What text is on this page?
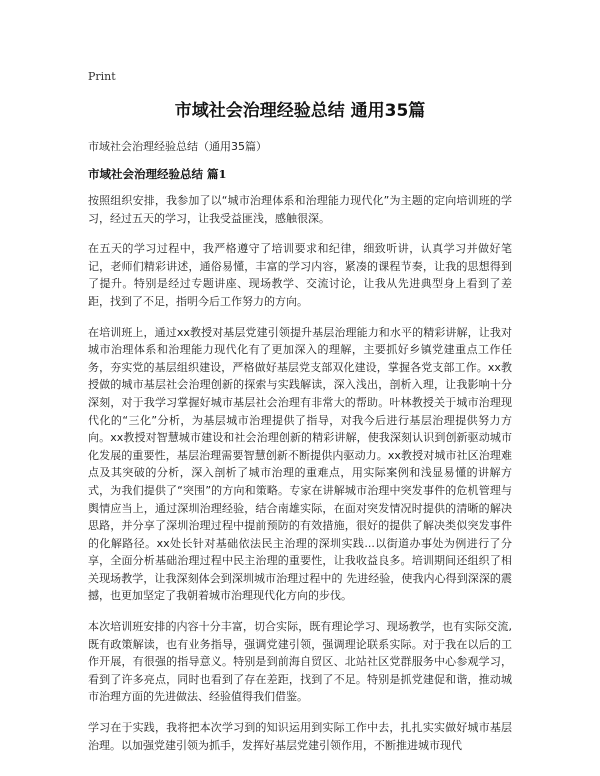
Print
市域社会治理经验总结 通用35篇
市域社会治理经验总结（通用35篇）
市域社会治理经验总结 篇1

按照组织安排，我参加了以“城市治理体系和治理能力现代化”为主题的定向培训班的学习，经过五天的学习，让我受益匪浅，感触很深。

在五天的学习过程中，我严格遵守了培训要求和纪律，细致听讲，认真学习并做好笔记，老师们精彩讲述，通俗易懂，丰富的学习内容，紧凑的课程节奏，让我的思想得到了提升。特别是经过专题讲座、现场教学、交流讨论，让我从先进典型身上看到了差距，找到了不足，指明今后工作努力的方向。

在培训班上，通过xx教授对基层党建引领提升基层治理能力和水平的精彩讲解，让我对城市治理体系和治理能力现代化有了更加深入的理解，主要抓好乡镇党建重点工作任务，夯实党的基层组织建设，严格做好基层党支部双化建设，掌握各党支部工作。xx教授做的城市基层社会治理创新的探索与实践解读，深入浅出，剖析入理，让我影响十分深刻，对于我学习掌握好城市基层社会治理有非常大的帮助。叶林教授关于城市治理现代化的“三化”分析，为基层城市治理提供了指导，对我今后进行基层治理提供努力方向。xx教授对智慧城市建设和社会治理创新的精彩讲解，使我深刻认识到创新驱动城市化发展的重要性，基层治理需要智慧创新不断提供内驱动力。xx教授对城市社区治理难点及其突破的分析，深入剖析了城市治理的重难点，用实际案例和浅显易懂的讲解方式，为我们提供了“突围”的方向和策略。专家在讲解城市治理中突发事件的危机管理与舆情应当上，通过深圳治理经验，结合南雄实际，在面对突发情况时提供的清晰的解决思路，并分享了深圳治理过程中提前预防的有效措施，很好的提供了解决类似突发事件的化解路径。xx处长针对基础依法民主治理的深圳实践...以街道办事处为例进行了分享，全面分析基础治理过程中民主治理的重要性，让我收益良多。培训期间还组织了相关现场教学，让我深刻体会到深圳城市治理过程中的 先进经验，使我内心得到深深的震撼，也更加坚定了我朝着城市治理现代化方向的步伐。

本次培训班安排的内容十分丰富，切合实际，既有理论学习、现场教学，也有实际交流,既有政策解读，也有业务指导，强调党建引领，强调理论联系实际。对于我在以后的工作开展，有很强的指导意义。特别是到前海自贸区、北站社区党群服务中心参观学习，看到了许多亮点，同时也看到了存在差距，找到了不足。特别是抓党建促和谐，推动城市治理方面的先进做法、经验值得我们借鉴。

学习在于实践，我将把本次学习到的知识运用到实际工作中去，扎扎实实做好城市基层治理。以加强党建引领为抓手，发挥好基层党建引领作用，不断推进城市现代
